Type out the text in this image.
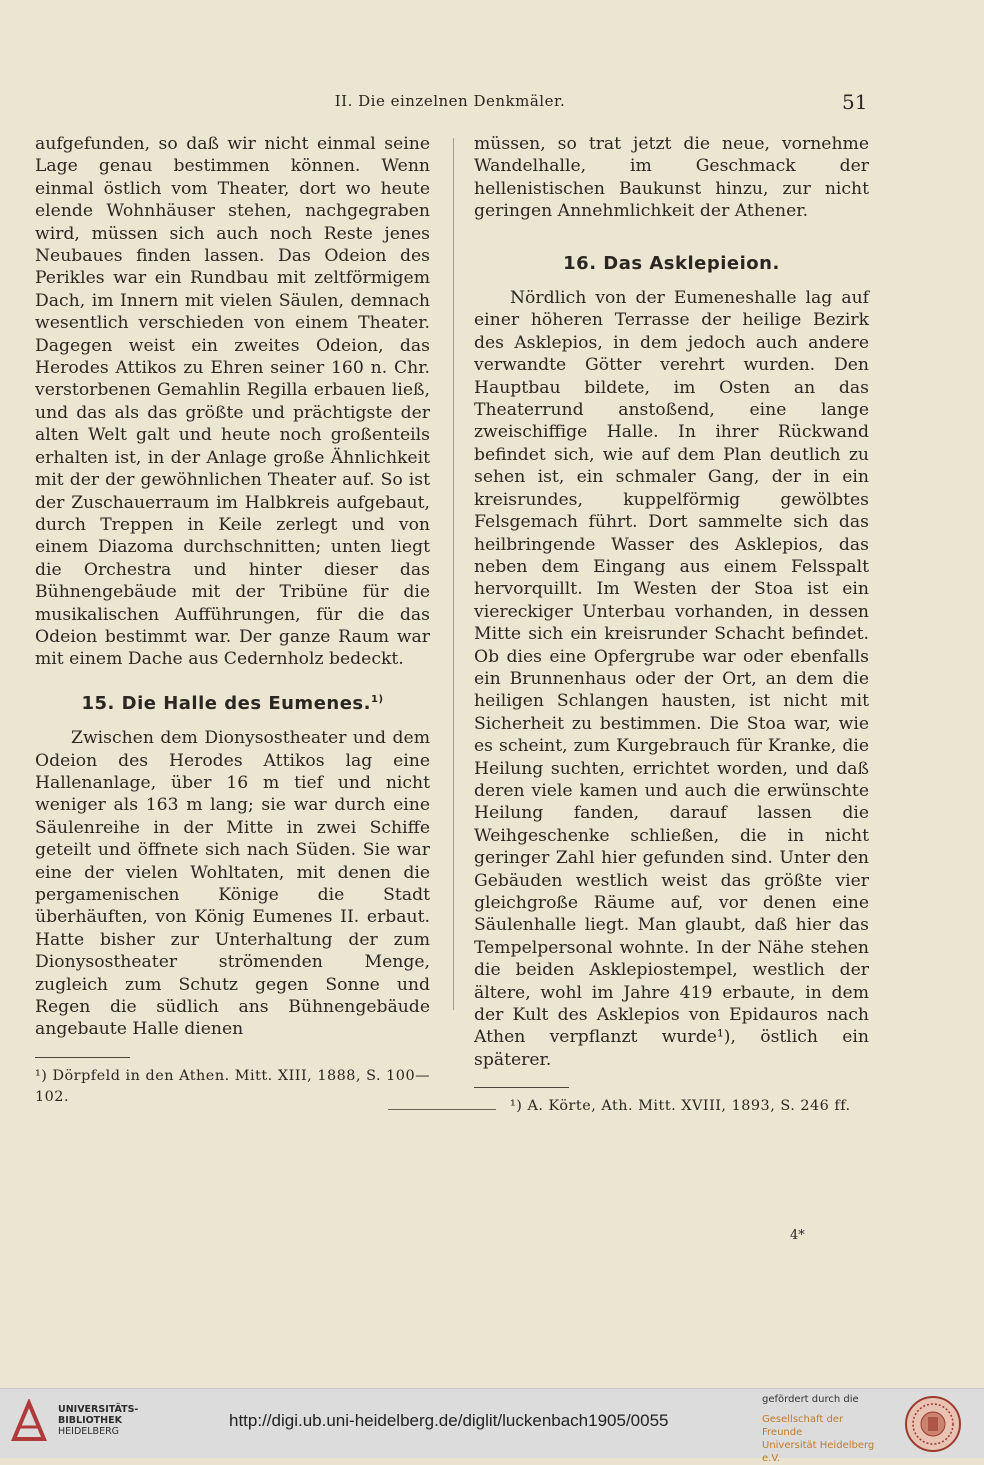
II. Die einzelnen Denkmäler.	51

aufgefunden, so daß wir nicht einmal seine Lage genau bestimmen können. Wenn einmal östlich vom Theater, dort wo heute elende Wohnhäuser stehen, nachgegraben wird, müssen sich auch noch Reste jenes Neubaues finden lassen. Das Odeion des Perikles war ein Rundbau mit zeltförmigem Dach, im Innern mit vielen Säulen, demnach wesentlich verschieden von einem Theater. Dagegen weist ein zweites Odeion, das Herodes Attikos zu Ehren seiner 160 n. Chr. verstorbenen Gemahlin Regilla erbauen ließ, und das als das größte und prächtigste der alten Welt galt und heute noch großenteils erhalten ist, in der Anlage große Ähnlichkeit mit der der gewöhnlichen Theater auf. So ist der Zuschauerraum im Halbkreis aufgebaut, durch Treppen in Keile zerlegt und von einem Diazoma durchschnitten; unten liegt die Orchestra und hinter dieser das Bühnengebäude mit der Tribüne für die musikalischen Aufführungen, für die das Odeion bestimmt war. Der ganze Raum war mit einem Dache aus Cedernholz bedeckt.

15. Die Halle des Eumenes.$^{1)}$

Zwischen dem Dionysostheater und dem Odeion des Herodes Attikos lag eine Hallenanlage, über 16 m tief und nicht weniger als 163 m lang; sie war durch eine Säulenreihe in der Mitte in zwei Schiffe geteilt und öffnete sich nach Süden. Sie war eine der vielen Wohltaten, mit denen die pergamenischen Könige die Stadt überhäuften, von König Eumenes II. erbaut. Hatte bisher zur Unterhaltung der zum Dionysostheater strömenden Menge, zugleich zum Schutz gegen Sonne und Regen die südlich ans Bühnengebäude angebaute Halle dienen

¹) Dörpfeld in den Athen. Mitt. XIII, 1888, S. 100—102.

müssen, so trat jetzt die neue, vornehme Wandelhalle, im Geschmack der hellenistischen Baukunst hinzu, zur nicht geringen Annehmlichkeit der Athener.

16. Das Asklepieion.

Nördlich von der Eumeneshalle lag auf einer höheren Terrasse der heilige Bezirk des Asklepios, in dem jedoch auch andere verwandte Götter verehrt wurden. Den Hauptbau bildete, im Osten an das Theaterrund anstoßend, eine lange zweischiffige Halle. In ihrer Rückwand befindet sich, wie auf dem Plan deutlich zu sehen ist, ein schmaler Gang, der in ein kreisrundes, kuppelförmig gewölbtes Felsgemach führt. Dort sammelte sich das heilbringende Wasser des Asklepios, das neben dem Eingang aus einem Felsspalt hervorquillt. Im Westen der Stoa ist ein viereckiger Unterbau vorhanden, in dessen Mitte sich ein kreisrunder Schacht befindet. Ob dies eine Opfergrube war oder ebenfalls ein Brunnenhaus oder der Ort, an dem die heiligen Schlangen hausten, ist nicht mit Sicherheit zu bestimmen. Die Stoa war, wie es scheint, zum Kurgebrauch für Kranke, die Heilung suchten, errichtet worden, und daß deren viele kamen und auch die erwünschte Heilung fanden, darauf lassen die Weihgeschenke schließen, die in nicht geringer Zahl hier gefunden sind. Unter den Gebäuden westlich weist das größte vier gleichgroße Räume auf, vor denen eine Säulenhalle liegt. Man glaubt, daß hier das Tempelpersonal wohnte. In der Nähe stehen die beiden Asklepiostempel, westlich der ältere, wohl im Jahre 419 erbaute, in dem der Kult des Asklepios von Epidauros nach Athen verpflanzt wurde¹), östlich ein späterer.

¹) A. Körte, Ath. Mitt. XVIII, 1893, S. 246 ff.
4*
UNIVERSITÄTS-
BIBLIOTHEK
HEIDELBERG
http://digi.ub.uni-heidelberg.de/diglit/luckenbach1905/0055
gefördert durch die
Gesellschaft der Freunde
Universität Heidelberg e.V.
